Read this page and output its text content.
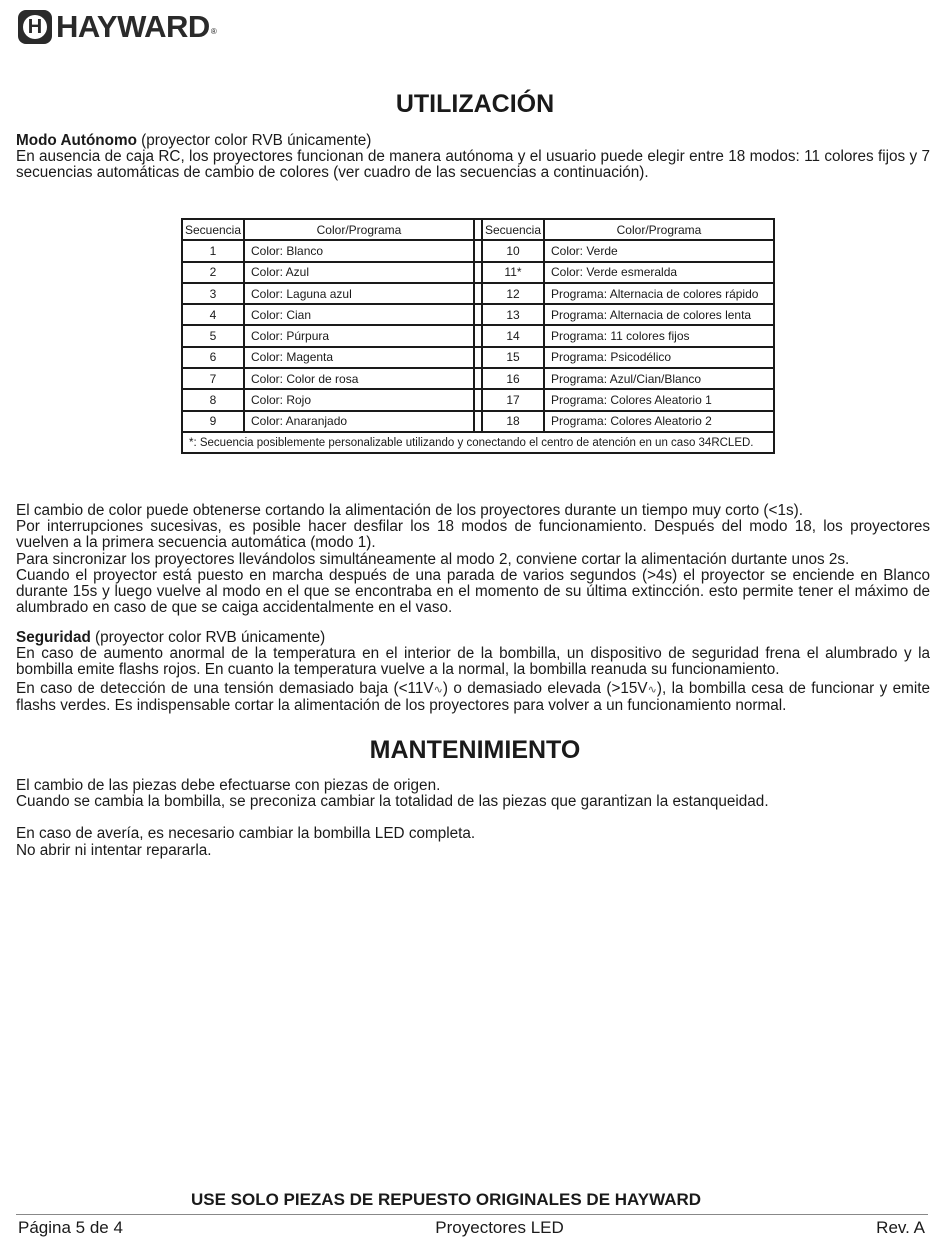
H HAYWARD ®
UTILIZACIÓN

Modo Autónomo (proyector color RVB únicamente)

En ausencia de caja RC, los proyectores funcionan de manera autónoma y el usuario puede elegir entre 18 modos: 11 colores fijos y 7 secuencias automáticas de cambio de colores (ver cuadro de las secuencias a continuación).

Secuencia	Color/Programa		Secuencia	Color/Programa
1	Color: Blanco		10	Color: Verde
2	Color: Azul		11*	Color: Verde esmeralda
3	Color: Laguna azul		12	Programa: Alternacia de colores rápido
4	Color: Cian		13	Programa: Alternacia de colores lenta
5	Color: Púrpura		14	Programa: 11 colores fijos
6	Color: Magenta		15	Programa: Psicodélico
7	Color: Color de rosa		16	Programa: Azul/Cian/Blanco
8	Color: Rojo		17	Programa: Colores Aleatorio 1
9	Color: Anaranjado		18	Programa: Colores Aleatorio 2
*: Secuencia posiblemente personalizable utilizando y conectando el centro de atención en un caso 34RCLED.				

El cambio de color puede obtenerse cortando la alimentación de los proyectores durante un tiempo muy corto (<1s).

Por interrupciones sucesivas, es posible hacer desfilar los 18 modos de funcionamiento. Después del modo 18, los proyectores vuelven a la primera secuencia automática (modo 1).

Para sincronizar los proyectores llevándolos simultáneamente al modo 2, conviene cortar la alimentación durtante unos 2s.

Cuando el proyector está puesto en marcha después de una parada de varios segundos (>4s) el proyector se enciende en Blanco durante 15s y luego vuelve al modo en el que se encontraba en el momento de su última extincción. esto permite tener el máximo de alumbrado en caso de que se caiga accidentalmente en el vaso.

Seguridad (proyector color RVB únicamente)

En caso de aumento anormal de la temperatura en el interior de la bombilla, un dispositivo de seguridad frena el alumbrado y la bombilla emite flashs rojos. En cuanto la temperatura vuelve a la normal, la bombilla reanuda su funcionamiento.

En caso de detección de una tensión demasiado baja (<11V∿) o demasiado elevada (>15V∿), la bombilla cesa de funcionar y emite flashs verdes. Es indispensable cortar la alimentación de los proyectores para volver a un funcionamiento normal.

MANTENIMIENTO

El cambio de las piezas debe efectuarse con piezas de origen.

Cuando se cambia la bombilla, se preconiza cambiar la totalidad de las piezas que garantizan la estanqueidad.

En caso de avería, es necesario cambiar la bombilla LED completa.

No abrir ni intentar repararla.

USE SOLO PIEZAS DE REPUESTO ORIGINALES DE HAYWARD
Página 5 de 4	Proyectores LED	Rev. A
